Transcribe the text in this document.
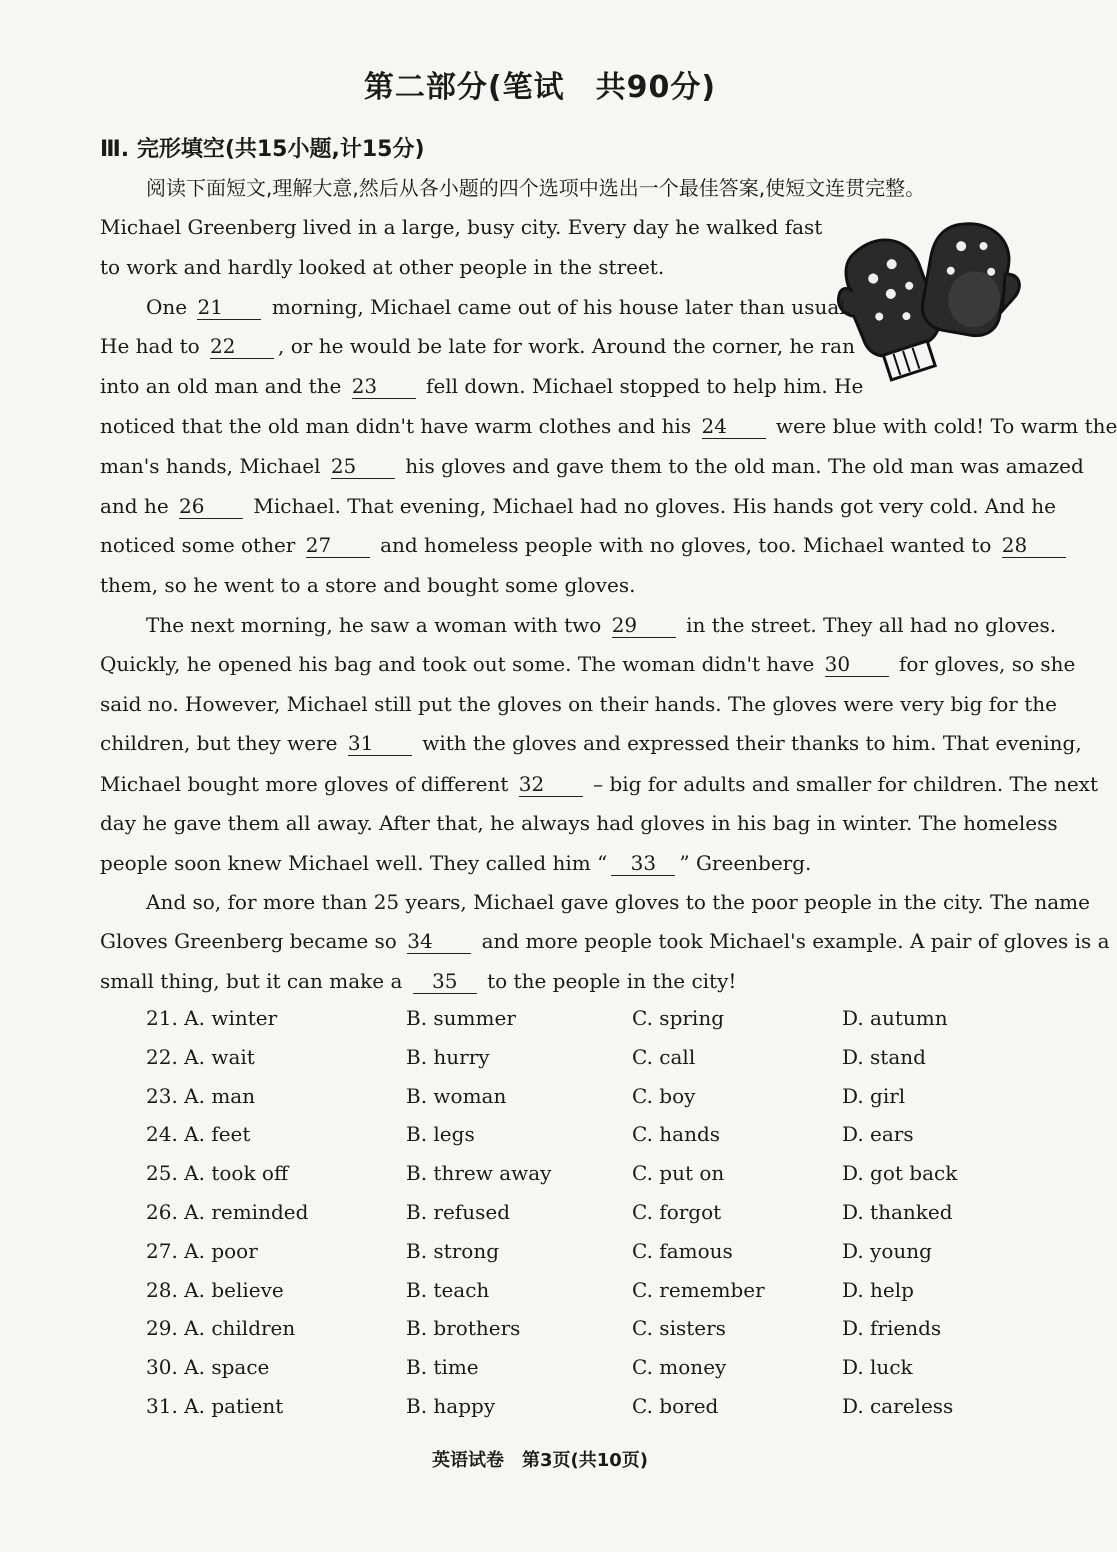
第二部分(笔试　共90分)
Ⅲ. 完形填空(共15小题,计15分)
阅读下面短文,理解大意,然后从各小题的四个选项中选出一个最佳答案,使短文连贯完整。
Michael Greenberg lived in a large, busy city. Every day he walked fast
to work and hardly looked at other people in the street.
One 21 morning, Michael came out of his house later than usual.
He had to 22 , or he would be late for work. Around the corner, he ran
into an old man and the 23 fell down. Michael stopped to help him. He
noticed that the old man didn't have warm clothes and his 24 were blue with cold! To warm the
man's hands, Michael 25 his gloves and gave them to the old man. The old man was amazed
and he 26 Michael. That evening, Michael had no gloves. His hands got very cold. And he
noticed some other 27 and homeless people with no gloves, too. Michael wanted to 28
them, so he went to a store and bought some gloves.
The next morning, he saw a woman with two 29 in the street. They all had no gloves.
Quickly, he opened his bag and took out some. The woman didn't have 30 for gloves, so she
said no. However, Michael still put the gloves on their hands. The gloves were very big for the
children, but they were 31 with the gloves and expressed their thanks to him. That evening,
Michael bought more gloves of different 32 – big for adults and smaller for children. The next
day he gave them all away. After that, he always had gloves in his bag in winter. The homeless
people soon knew Michael well. They called him “ 33 ” Greenberg.
And so, for more than 25 years, Michael gave gloves to the poor people in the city. The name
Gloves Greenberg became so 34 and more people took Michael's example. A pair of gloves is a
small thing, but it can make a 35 to the people in the city!
21. A. winter	B. summer	C. spring	D. autumn
22. A. wait	B. hurry	C. call	D. stand
23. A. man	B. woman	C. boy	D. girl
24. A. feet	B. legs	C. hands	D. ears
25. A. took off	B. threw away	C. put on	D. got back
26. A. reminded	B. refused	C. forgot	D. thanked
27. A. poor	B. strong	C. famous	D. young
28. A. believe	B. teach	C. remember	D. help
29. A. children	B. brothers	C. sisters	D. friends
30. A. space	B. time	C. money	D. luck
31. A. patient	B. happy	C. bored	D. careless
英语试卷　第3页(共10页)
